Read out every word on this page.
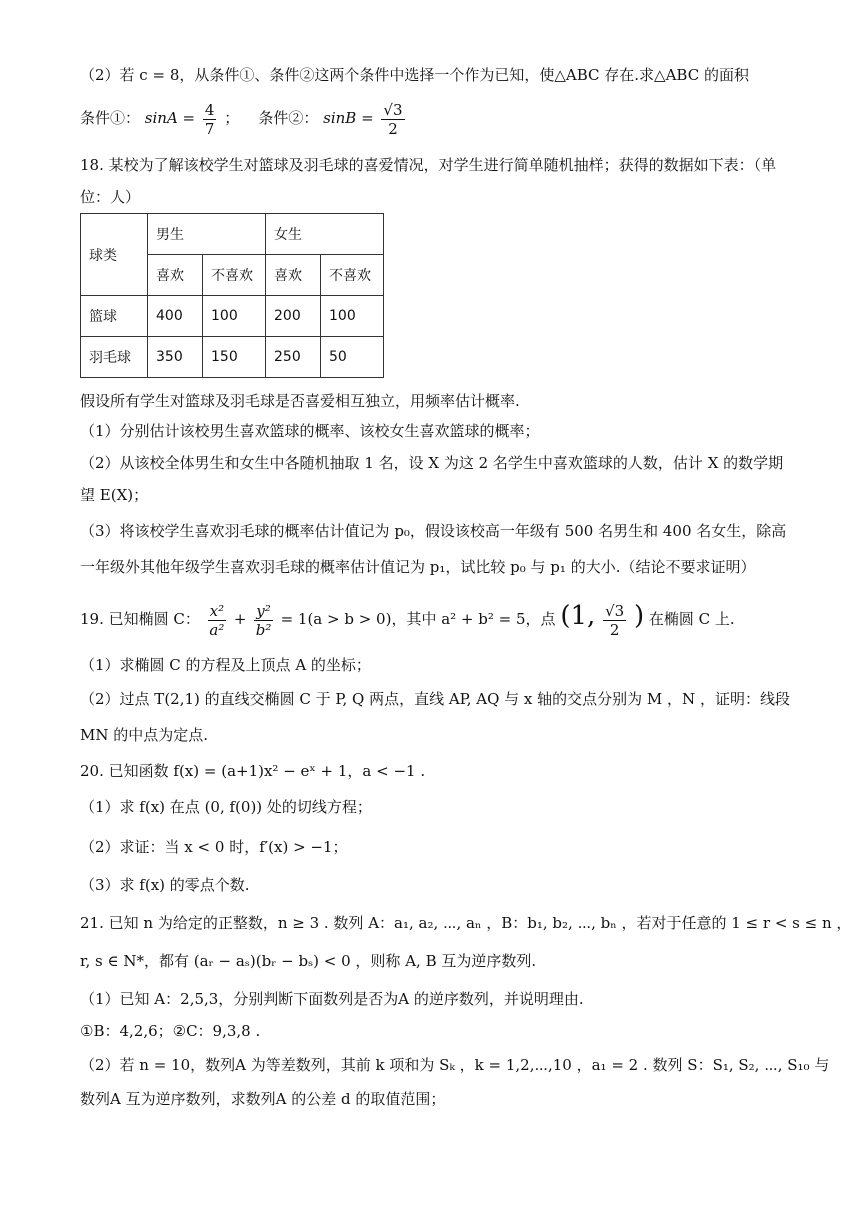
（2）若 c = 8，从条件①、条件②这两个条件中选择一个作为已知，使△ABC 存在.求△ABC 的面积
条件①： $\sin A = \frac{4}{7}$ ； 条件②： $\sin B = \frac{√3}{2}$
18. 某校为了解该校学生对篮球及羽毛球的喜爱情况，对学生进行简单随机抽样；获得的数据如下表：（单
位：人）
球类	男生		女生	
	喜欢	不喜欢	喜欢	不喜欢
篮球	400	100	200	100
羽毛球	350	150	250	50
假设所有学生对篮球及羽毛球是否喜爱相互独立，用频率估计概率.
（1）分别估计该校男生喜欢篮球的概率、该校女生喜欢篮球的概率；
（2）从该校全体男生和女生中各随机抽取 1 名，设 X 为这 2 名学生中喜欢篮球的人数，估计 X 的数学期
望 E(X)；
（3）将该校学生喜欢羽毛球的概率估计值记为 p₀，假设该校高一年级有 500 名男生和 400 名女生，除高
一年级外其他年级学生喜欢羽毛球的概率估计值记为 p₁，试比较 p₀ 与 p₁ 的大小.（结论不要求证明）
19. 已知椭圆 C： $\frac{\text{x²}}{\text{a²}} + \frac{\text{y²}}{\text{b²}} = 1(a > b > 0)$，其中 a² + b² = 5，点 (1, $\frac{√3}{2}$ ) 在椭圆 C 上.
（1）求椭圆 C 的方程及上顶点 A 的坐标；
（2）过点 T(2,1) 的直线交椭圆 C 于 P, Q 两点，直线 AP, AQ 与 x 轴的交点分别为 M ，N ，证明：线段
MN 的中点为定点.
20. 已知函数 f(x) = (a+1)x² − eˣ + 1，a < −1 .
（1）求 f(x) 在点 (0, f(0)) 处的切线方程；
（2）求证：当 x < 0 时，f′(x) > −1；
（3）求 f(x) 的零点个数.
21. 已知 n 为给定的正整数，n ≥ 3 . 数列 A：a₁, a₂, ⋯, aₙ ，B：b₁, b₂, ⋯, bₙ ，若对于任意的 1 ≤ r < s ≤ n ，
r, s ∈ N*，都有 (aᵣ − aₛ)(bᵣ − bₛ) < 0 ，则称 A, B 互为逆序数列.
（1）已知 A：2,5,3，分别判断下面数列是否为A 的逆序数列，并说明理由.
①B：4,2,6；②C：9,3,8 .
（2）若 n = 10，数列A 为等差数列，其前 k 项和为 Sₖ ，k = 1,2,⋯,10 ，a₁ = 2 . 数列 S：S₁, S₂, ⋯, S₁₀ 与
数列A 互为逆序数列，求数列A 的公差 d 的取值范围；
